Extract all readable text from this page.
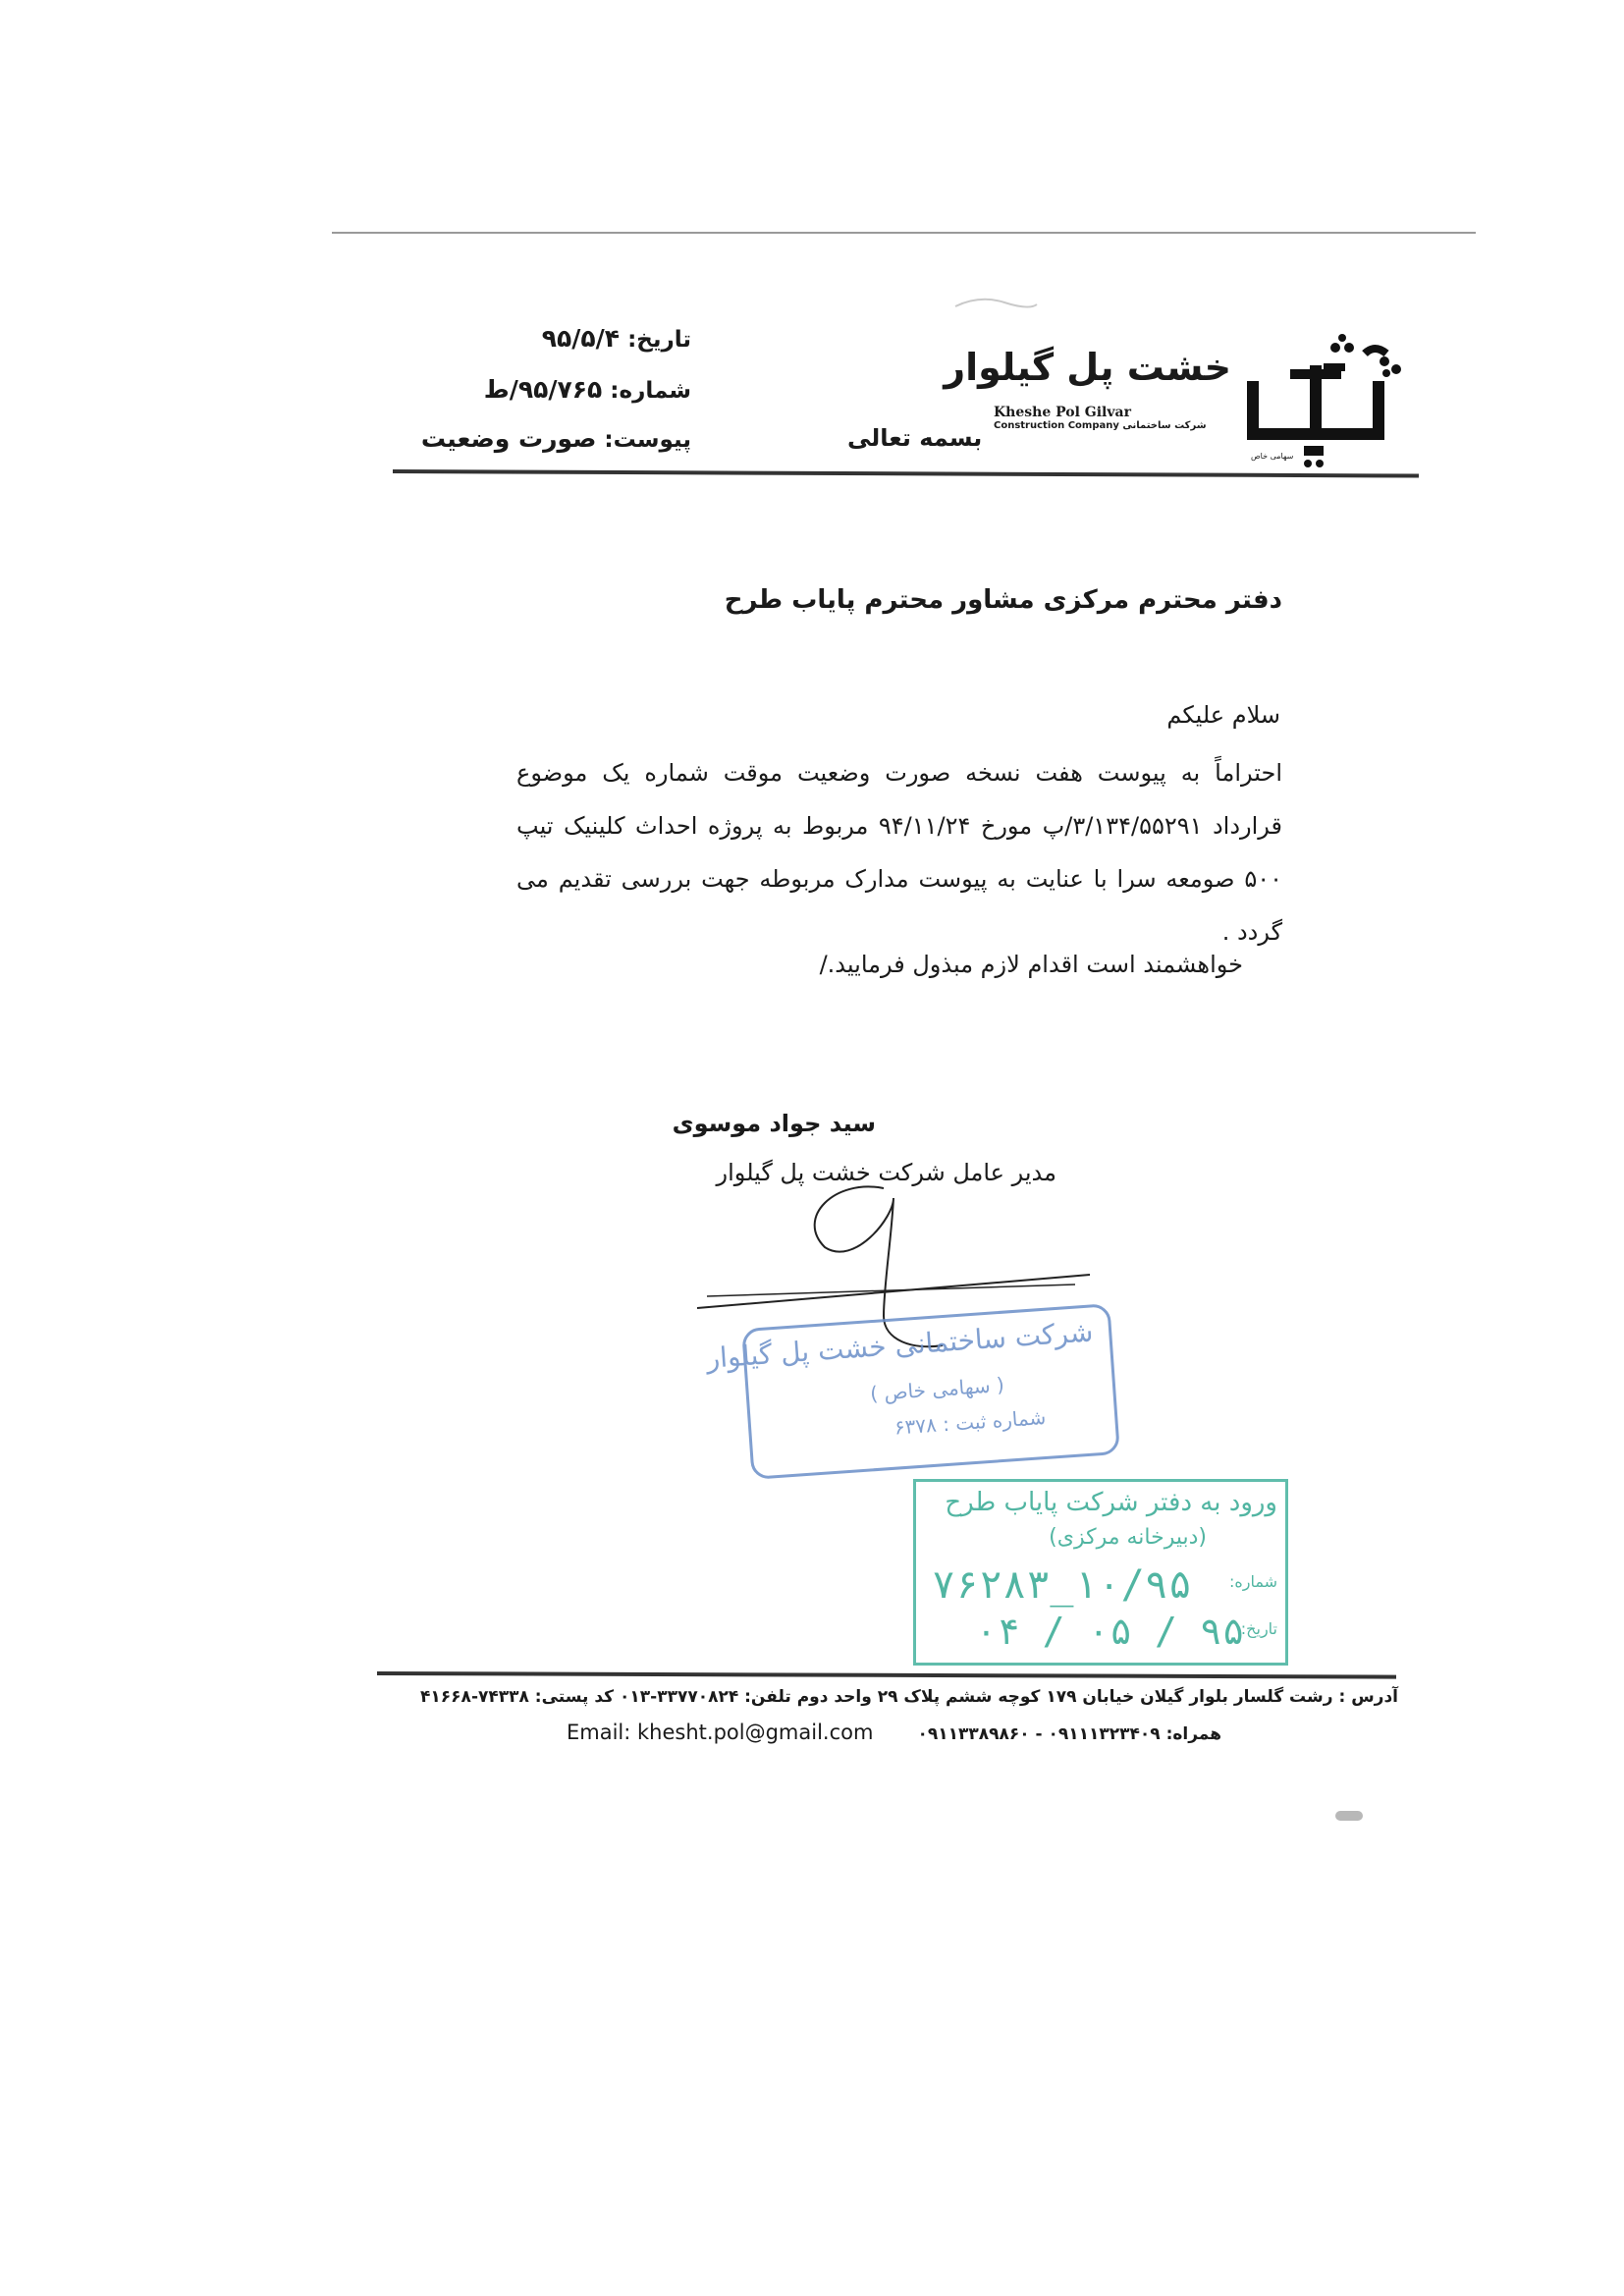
خشت پل گیلوار
Kheshe Pol Gilvar
Construction Company شرکت ساختمانی
سهامی خاص
بسمه تعالی
تاریخ: ۹۵/۵/۴
شماره: ۹۵/۷۶۵/ط
پیوست: صورت وضعیت
دفتر محترم مرکزی مشاور محترم پایاب طرح
سلام علیکم
احتراماً به پیوست هفت نسخه صورت وضعیت موقت شماره یک موضوع قرارداد ۳/۱۳۴/۵۵۲۹۱/پ مورخ ۹۴/۱۱/۲۴ مربوط به پروژه احداث کلینیک تیپ ۵۰۰ صومعه سرا با عنایت به پیوست مدارک مربوطه جهت بررسی تقدیم می گردد .
خواهشمند است اقدام لازم مبذول فرمایید./
سید جواد موسوی
مدیر عامل شرکت خشت پل گیلوار
شرکت ساختمانی خشت پل گیلوار
( سهامی خاص )
شماره ثبت : ۶۳۷۸
ورود به دفتر شرکت پایاب طرح
(دبیرخانه مرکزی)
شماره:
۱۰/۹۵_۷۶۲۸۳
تاریخ:
۹۵ / ۰۵ / ۰۴
آدرس : رشت گلسار بلوار گیلان خیابان ۱۷۹ کوچه ششم پلاک ۲۹ واحد دوم تلفن: ۳۳۷۷۰۸۲۴-۰۱۳ کد پستی: ۷۴۳۳۸-۴۱۶۶۸
همراه: ۰۹۱۱۱۳۲۳۴۰۹ - ۰۹۱۱۳۳۸۹۸۶۰
Email: khesht.pol@gmail.com
